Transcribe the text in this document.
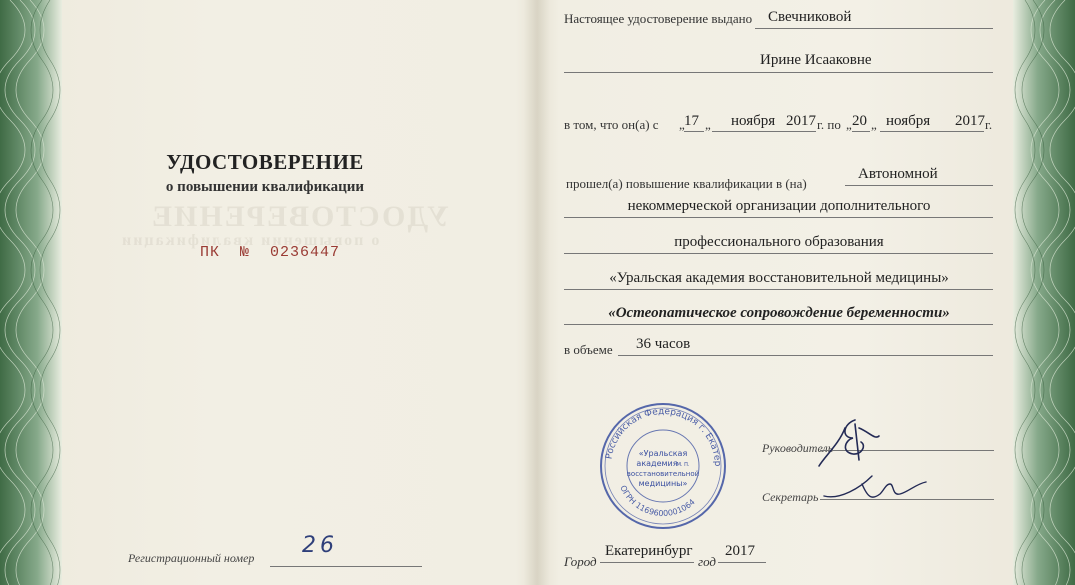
УДОСТОВЕРЕНИЕ
о повышении квалификации
УДОСТОВЕРЕНИЕ
о повышении квалификации
ПК  №  0236447
Регистрационный номер 26
Настоящее удостоверение выдано Свечниковой
Ирине Исааковне
в том, что он(а) с „ 17 „ ноября 2017 г. по „ 20 „ ноября 2017 г.
прошел(а) повышение квалификации в (на)
Автономной
некоммерческой организации дополнительного
профессионального образования
«Уральская академия восстановительной медицины»
«Остеопатическое сопровождение беременности»
в объеме 36 часов
Российская Федерация г. Екатер
ОГРН 1169600001064
«Уральская
академия М. П.
восстановительной
медицины»
Руководитель
Секретарь
Город
Екатеринбург
год
2017
